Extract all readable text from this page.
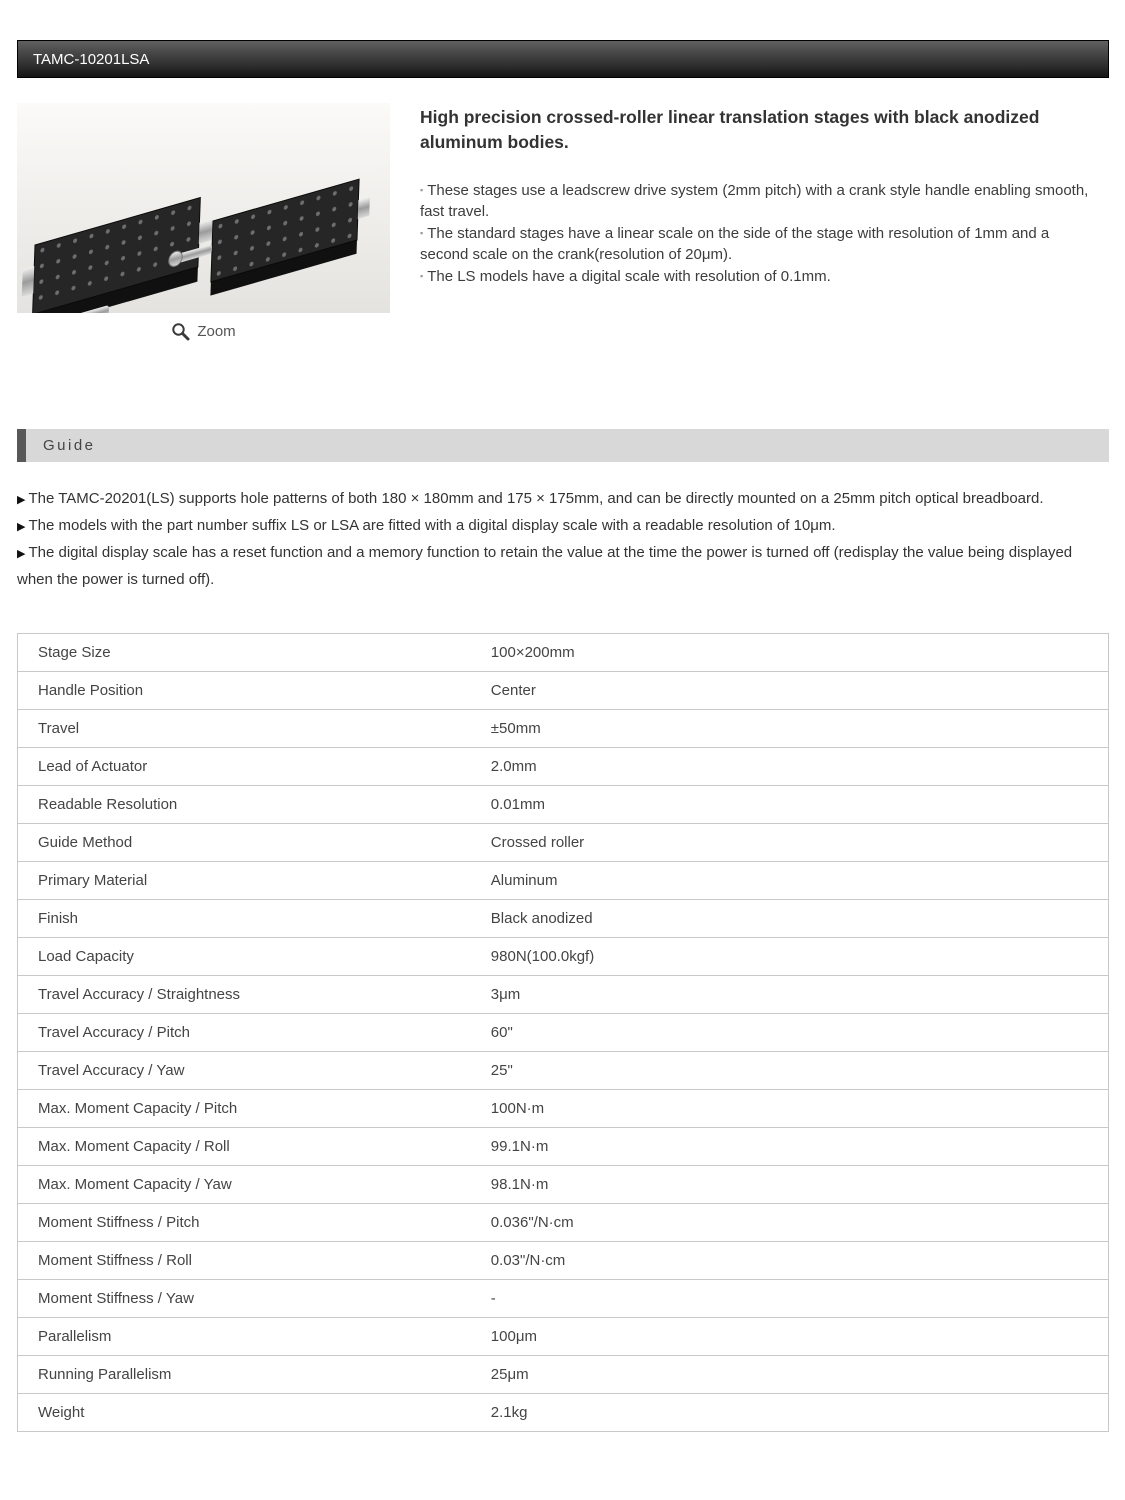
TAMC-10201LSA
Zoom
High precision crossed-roller linear translation stages with black anodized aluminum bodies.

▪ These stages use a leadscrew drive system (2mm pitch) with a crank style handle enabling smooth, fast travel.

▪ The standard stages have a linear scale on the side of the stage with resolution of 1mm and a second scale on the crank(resolution of 20μm).

▪ The LS models have a digital scale with resolution of 0.1mm.

Guide

▶ The TAMC-20201(LS) supports hole patterns of both 180 × 180mm and 175 × 175mm, and can be directly mounted on a 25mm pitch optical breadboard.

▶ The models with the part number suffix LS or LSA are fitted with a digital display scale with a readable resolution of 10μm.

▶ The digital display scale has a reset function and a memory function to retain the value at the time the power is turned off (redisplay the value being displayed when the power is turned off).

Stage Size	100×200mm
Handle Position	Center
Travel	±50mm
Lead of Actuator	2.0mm
Readable Resolution	0.01mm
Guide Method	Crossed roller
Primary Material	Aluminum
Finish	Black anodized
Load Capacity	980N(100.0kgf)
Travel Accuracy / Straightness	3μm
Travel Accuracy / Pitch	60"
Travel Accuracy / Yaw	25"
Max. Moment Capacity / Pitch	100N·m
Max. Moment Capacity / Roll	99.1N·m
Max. Moment Capacity / Yaw	98.1N·m
Moment Stiffness / Pitch	0.036"/N·cm
Moment Stiffness / Roll	0.03"/N·cm
Moment Stiffness / Yaw	-
Parallelism	100μm
Running Parallelism	25μm
Weight	2.1kg
